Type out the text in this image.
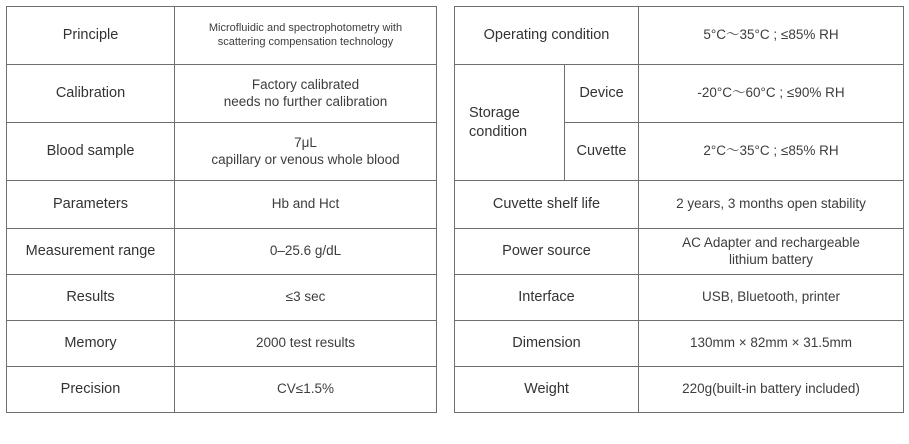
Principle	Microfluidic and spectrophotometry with
scattering compensation technology

Calibration	Factory calibrated
needs no further calibration

Blood sample	7μL
capillary or venous whole blood

Parameters	Hb and Hct
Measurement range	0–25.6 g/dL
Results	≤3 sec
Memory	2000 test results
Precision	CV≤1.5%
Operating condition		5°C～35°C ; ≤85% RH

Storage
condition	Device	-20°C～60°C ; ≤90% RH
	Cuvette	2°C～35°C ; ≤85% RH
Cuvette shelf life		2 years, 3 months open stability
Power source		AC Adapter and rechargeable
lithium battery

Interface		USB, Bluetooth, printer
Dimension		130mm × 82mm × 31.5mm
Weight		220g(built-in battery included)
